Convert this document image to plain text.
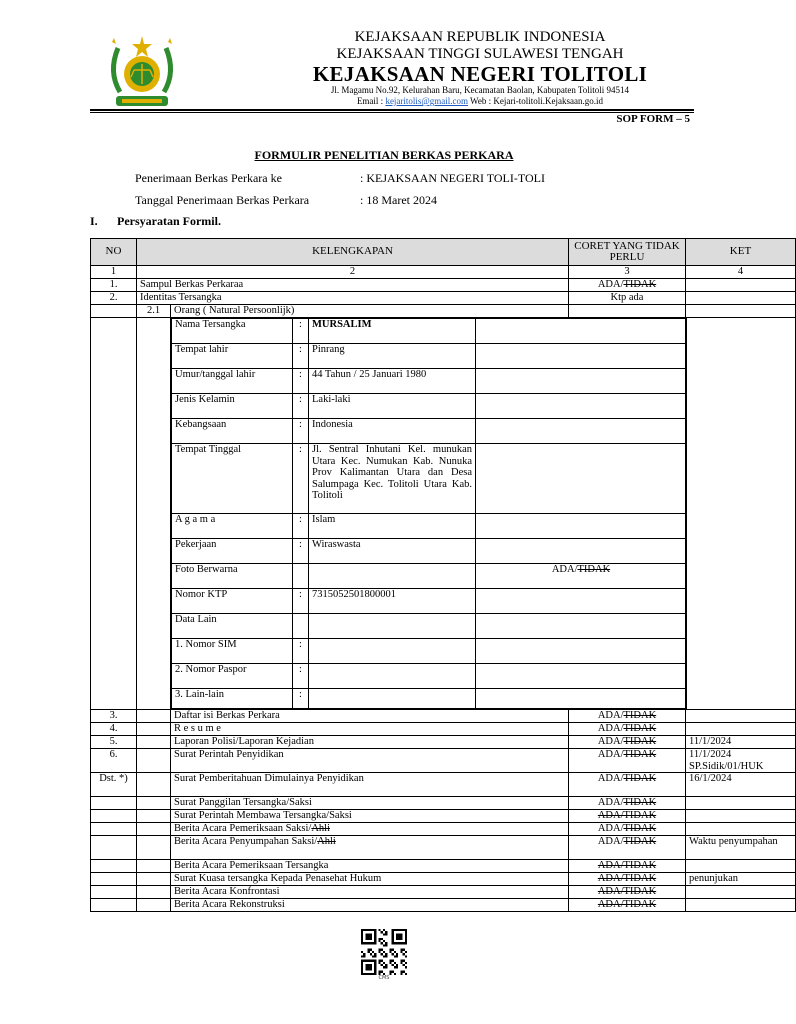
KEJAKSAAN REPUBLIK INDONESIA
KEJAKSAAN TINGGI SULAWESI TENGAH
KEJAKSAAN NEGERI TOLITOLI
Jl. Magamu No.92, Kelurahan Baru, Kecamatan Baolan, Kabupaten Tolitoli 94514
Email : kejaritolis@gmail.com Web : Kejari-tolitoli.Kejaksaan.go.id
SOP FORM – 5
FORMULIR PENELITIAN BERKAS PERKARA
Penerimaan Berkas Perkara ke	: KEJAKSAAN NEGERI TOLI-TOLI
Tanggal Penerimaan Berkas Perkara	: 18 Maret 2024
I. Persyaratan Formil.
NO	KELENGKAPAN	CORET YANG TIDAK PERLU	KET
1	2	3	4
1.	Sampul Berkas Perkaraa	ADA/TIDAK	
2.	Identitas Tersangka	Ktp ada	
	2.1	Orang ( Natural Persoonlijk)		

Nama Tersangka	:	MURSALIM	
Tempat lahir	:	Pinrang	
Umur/tanggal lahir	:	44 Tahun / 25 Januari 1980	
Jenis Kelamin	:	Laki-laki	
Kebangsaan	:	Indonesia	
Tempat Tinggal	:	Jl. Sentral Inhutani Kel. munukan Utara Kec. Numukan Kab. Nunuka Prov Kalimantan Utara dan Desa Salumpaga Kec. Tolitoli Utara Kab. Tolitoli	
A g a m a	:	Islam	
Pekerjaan	:	Wiraswasta	
Foto Berwarna			ADA/TIDAK
Nomor KTP	:	7315052501800001	
Data Lain			
1. Nomor SIM	:		
2. Nomor Paspor	:		
3. Lain-lain	:		

3.		Daftar isi Berkas Perkara	ADA/TIDAK	
4.		R e s u m e	ADA/TIDAK	
5.		Laporan Polisi/Laporan Kejadian	ADA/TIDAK	11/1/2024
6.		Surat Perintah Penyidikan	ADA/TIDAK	11/1/2024 SP.Sidik/01/HUK
Dst. *)		Surat Pemberitahuan Dimulainya Penyidikan	ADA/TIDAK	16/1/2024
		Surat Panggilan Tersangka/Saksi	ADA/TIDAK	
		Surat Perintah Membawa Tersangka/Saksi	ADA/TIDAK	
		Berita Acara Pemeriksaan Saksi/Ahli	ADA/TIDAK	
		Berita Acara Penyumpahan Saksi/Ahli	ADA/TIDAK	Waktu penyumpahan
		Berita Acara Pemeriksaan Tersangka	ADA/TIDAK	
		Surat Kuasa tersangka Kepada Penasehat Hukum	ADA/TIDAK	penunjukan
		Berita Acara Konfrontasi	ADA/TIDAK	
		Berita Acara Rekonstruksi	ADA/TIDAK	
CMS
